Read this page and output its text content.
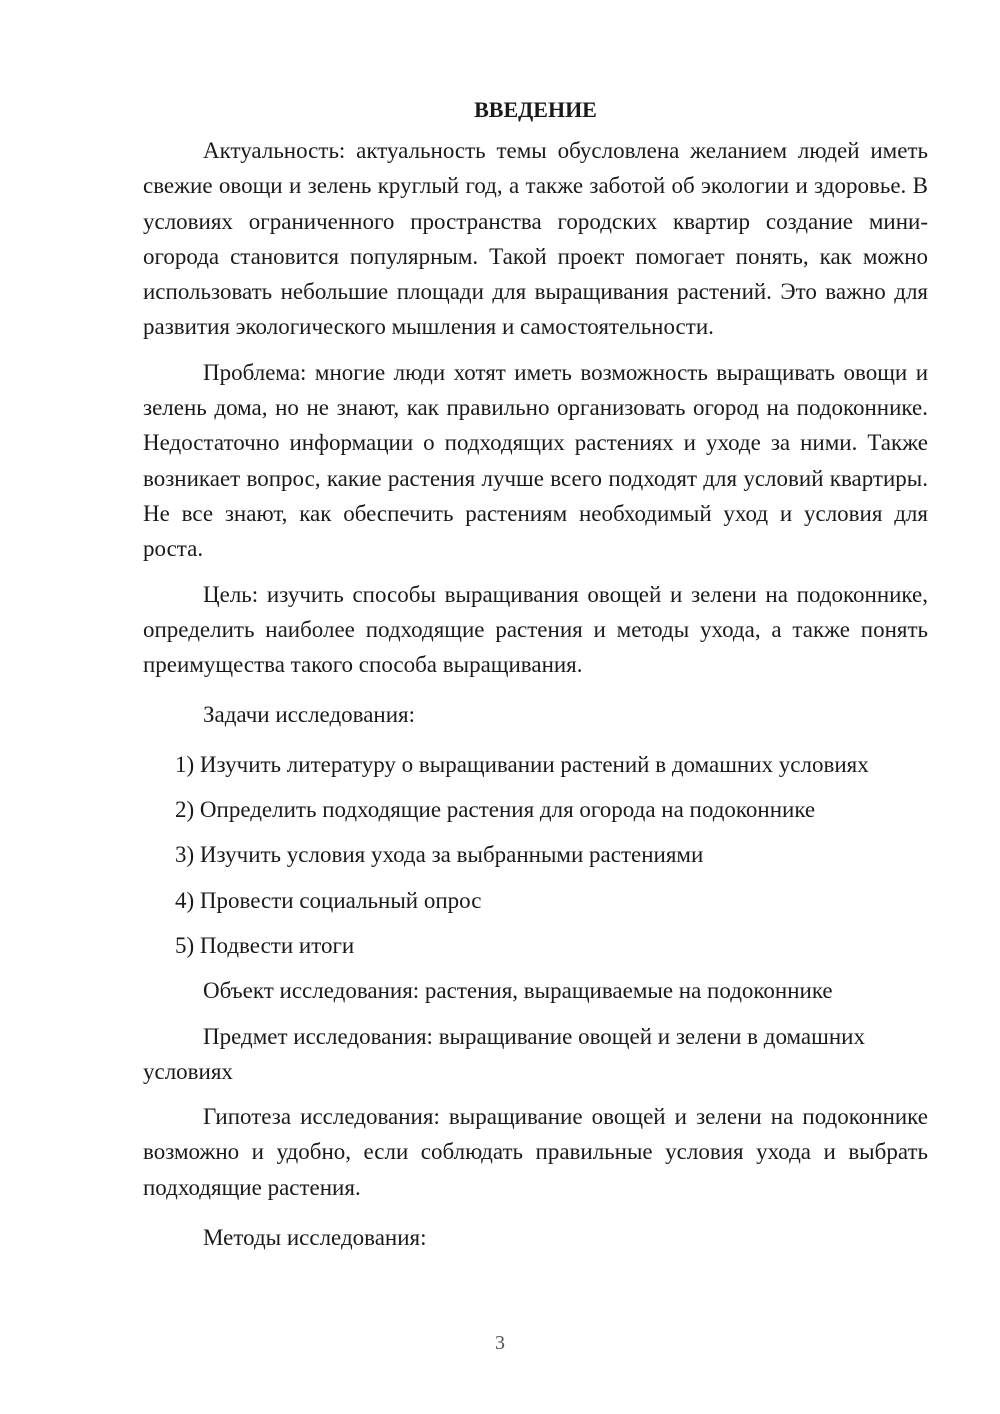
ВВЕДЕНИЕ

Актуальность: актуальность темы обусловлена желанием людей иметь свежие овощи и зелень круглый год, а также заботой об экологии и здоровье. В условиях ограниченного пространства городских квартир создание мини-огорода становится популярным. Такой проект помогает понять, как можно использовать небольшие площади для выращивания растений. Это важно для развития экологического мышления и самостоятельности.

Проблема: многие люди хотят иметь возможность выращивать овощи и зелень дома, но не знают, как правильно организовать огород на подоконнике. Недостаточно информации о подходящих растениях и уходе за ними. Также возникает вопрос, какие растения лучше всего подходят для условий квартиры. Не все знают, как обеспечить растениям необходимый уход и условия для роста.

Цель: изучить способы выращивания овощей и зелени на подоконнике, определить наиболее подходящие растения и методы ухода, а также понять преимущества такого способа выращивания.

Задачи исследования:
1) Изучить литературу о выращивании растений в домашних условиях
2) Определить подходящие растения для огорода на подоконнике
3) Изучить условия ухода за выбранными растениями
4) Провести социальный опрос
5) Подвести итоги

Объект исследования: растения, выращиваемые на подоконнике

Предмет исследования: выращивание овощей и зелени в домашних условиях

Гипотеза исследования: выращивание овощей и зелени на подоконнике возможно и удобно, если соблюдать правильные условия ухода и выбрать подходящие растения.

Методы исследования:
3
